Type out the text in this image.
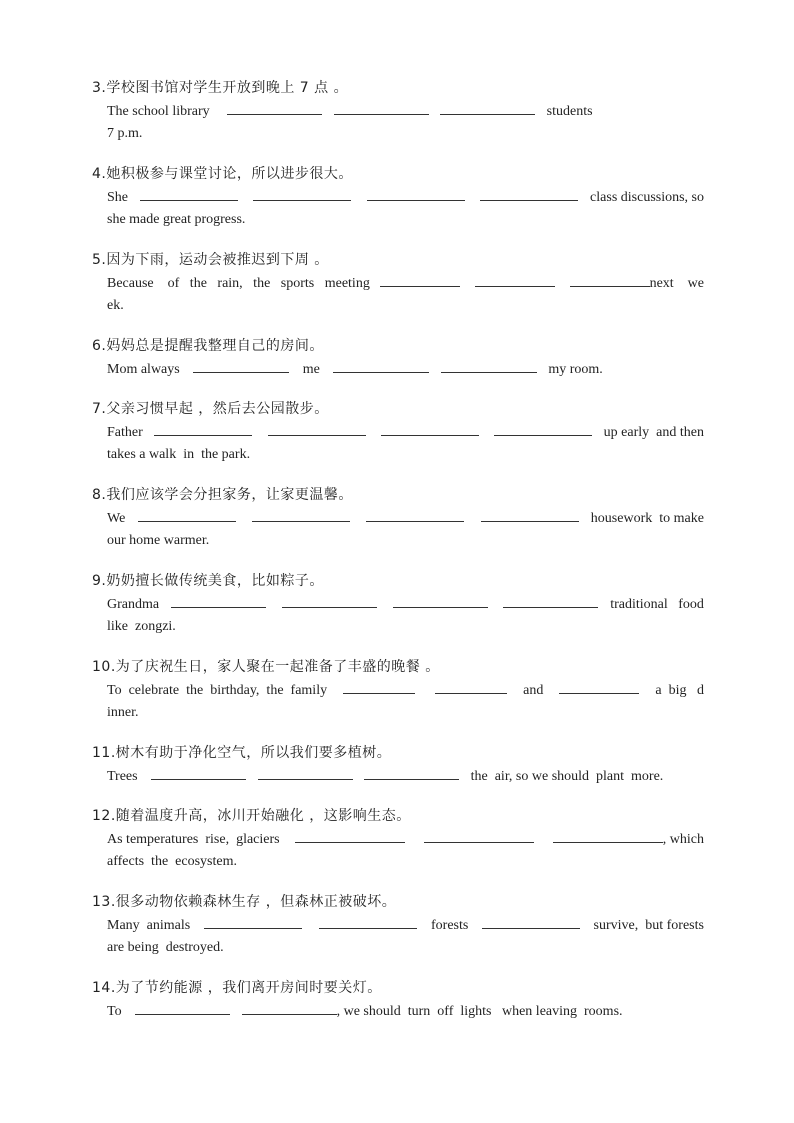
3.学校图书馆对学生开放到晚上 7 点 。
The school library	students
7 p.m.
4.她积极参与课堂讨论，所以进步很大。
She	class discussions, so
she made great progress.
5.因为下雨，运动会被推迟到下周 。
Because    of   the   rain,   the   sports   meeting	next    we
ek.
6.妈妈总是提醒我整理自己的房间。
Mom always	me	my room.
7.父亲习惯早起 ，然后去公园散步。
Father	up early  and then
takes a walk  in  the park.
8.我们应该学会分担家务，让家更温馨。
We	housework  to make
our home warmer.
9.奶奶擅长做传统美食，比如粽子。
Grandma	traditional   food
like  zongzi.
10.为了庆祝生日，家人聚在一起准备了丰盛的晚餐 。
To  celebrate  the  birthday,  the  family	and	a  big   d
inner.
11.树木有助于净化空气，所以我们要多植树。
Trees	the  air, so we should  plant  more.
12.随着温度升高，冰川开始融化 ，这影响生态。
As temperatures  rise,  glaciers	, which
affects  the  ecosystem.
13.很多动物依赖森林生存 ，但森林正被破坏。
Many  animals	forests	survive,  but forests
are being  destroyed.
14.为了节约能源 ，我们离开房间时要关灯。
To	, we should  turn  off  lights   when leaving  rooms.
